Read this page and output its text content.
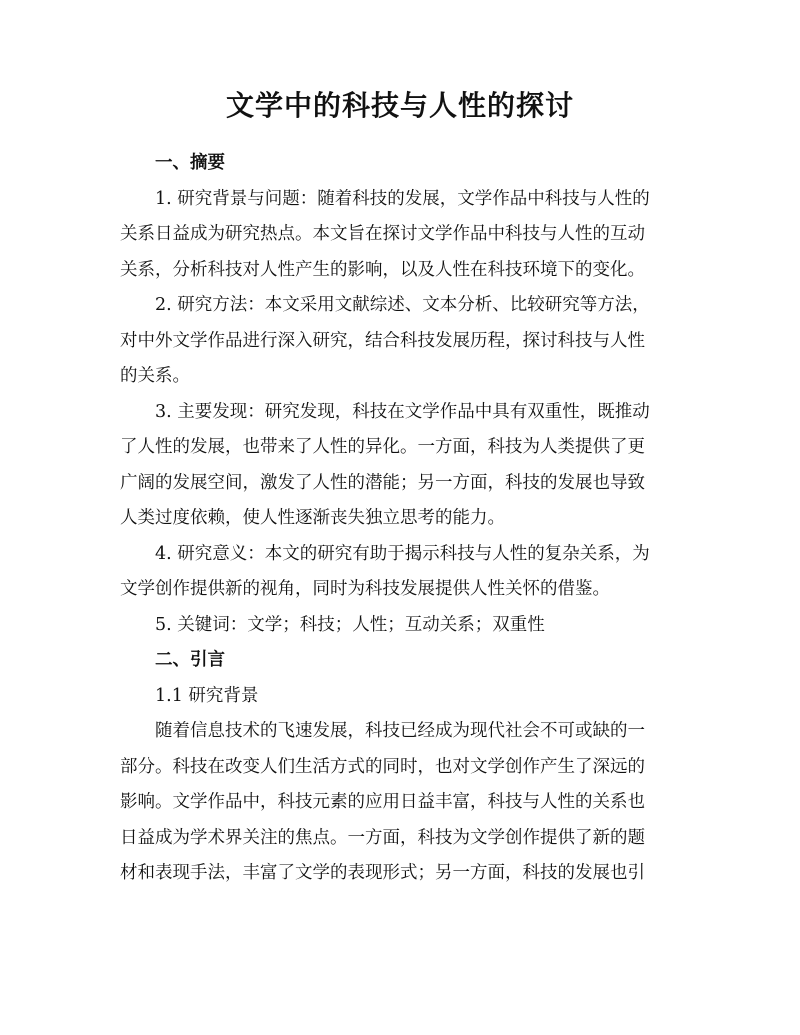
文学中的科技与人性的探讨

一、摘要

1. 研究背景与问题：随着科技的发展，文学作品中科技与人性的
关系日益成为研究热点。本文旨在探讨文学作品中科技与人性的互动
关系，分析科技对人性产生的影响，以及人性在科技环境下的变化。

2. 研究方法：本文采用文献综述、文本分析、比较研究等方法，
对中外文学作品进行深入研究，结合科技发展历程，探讨科技与人性
的关系。

3. 主要发现：研究发现，科技在文学作品中具有双重性，既推动
了人性的发展，也带来了人性的异化。一方面，科技为人类提供了更
广阔的发展空间，激发了人性的潜能；另一方面，科技的发展也导致
人类过度依赖，使人性逐渐丧失独立思考的能力。

4. 研究意义：本文的研究有助于揭示科技与人性的复杂关系，为
文学创作提供新的视角，同时为科技发展提供人性关怀的借鉴。

5. 关键词：文学；科技；人性；互动关系；双重性

二、引言

1.1 研究背景

随着信息技术的飞速发展，科技已经成为现代社会不可或缺的一
部分。科技在改变人们生活方式的同时，也对文学创作产生了深远的
影响。文学作品中，科技元素的应用日益丰富，科技与人性的关系也
日益成为学术界关注的焦点。一方面，科技为文学创作提供了新的题
材和表现手法，丰富了文学的表现形式；另一方面，科技的发展也引
